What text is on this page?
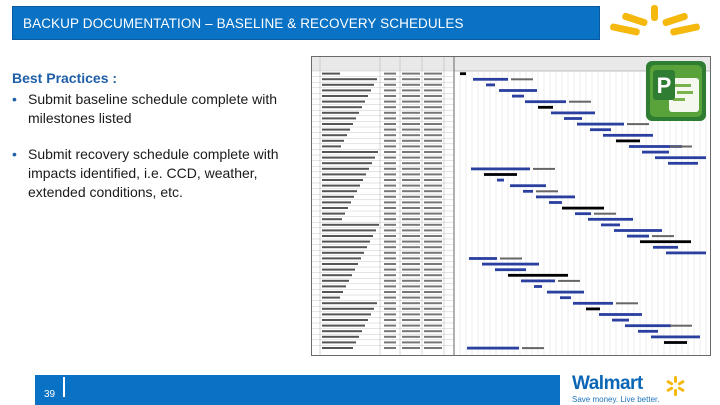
BACKUP DOCUMENTATION – BASELINE & RECOVERY SCHEDULES
Best Practices :
• Submit baseline schedule complete with milestones listed
• Submit recovery schedule complete with impacts identified, i.e. CCD, weather, extended conditions, etc.
P
39
Walmart
Save money. Live better.
